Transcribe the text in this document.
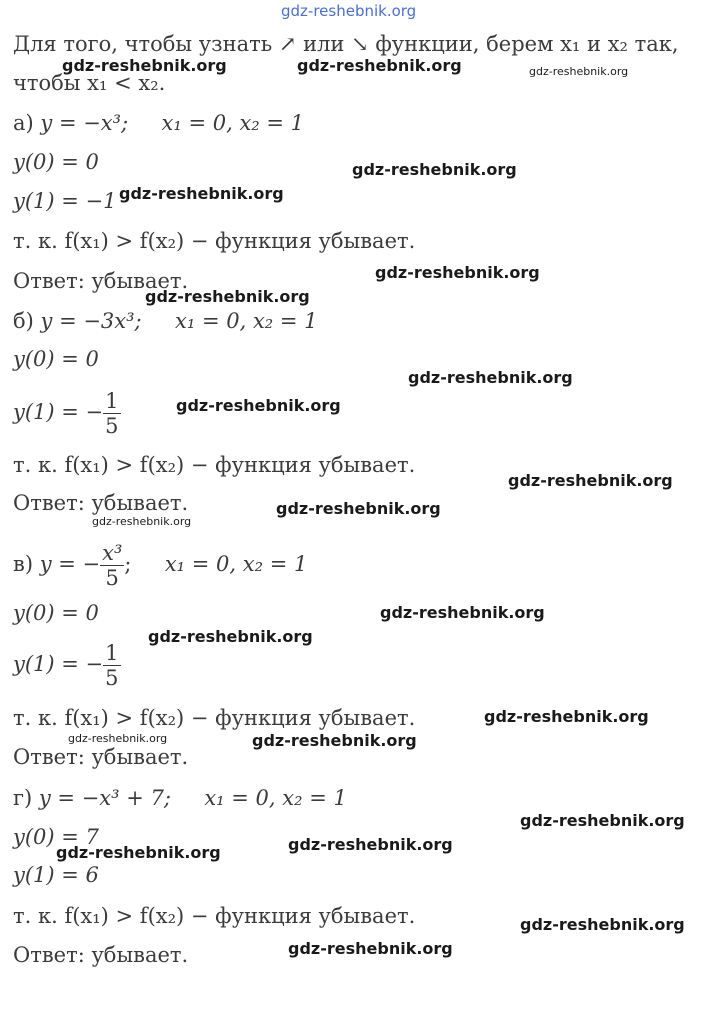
gdz-reshebnik.org
Для того, чтобы узнать ↗ или ↘ функции, берем x₁ и x₂ так,
чтобы x₁ < x₂.
а) y = −x³; x₁ = 0, x₂ = 1
y(0) = 0
y(1) = −1
т. к. f(x₁) > f(x₂) − функция убывает.
Ответ: убывает.
б) y = −3x³; x₁ = 0, x₂ = 1
y(0) = 0
y(1) = − $\frac{1}{5}$
т. к. f(x₁) > f(x₂) − функция убывает.
Ответ: убывает.
в) y = − $\frac{\text{x³}}{5}$ ; x₁ = 0, x₂ = 1
y(0) = 0
y(1) = − $\frac{1}{5}$
т. к. f(x₁) > f(x₂) − функция убывает.
Ответ: убывает.
г) y = −x³ + 7; x₁ = 0, x₂ = 1
y(0) = 7
y(1) = 6
т. к. f(x₁) > f(x₂) − функция убывает.
Ответ: убывает.
gdz-reshebnik.org	gdz-reshebnik.org	gdz-reshebnik.org
gdz-reshebnik.org
gdz-reshebnik.org
gdz-reshebnik.org
gdz-reshebnik.org
gdz-reshebnik.org
gdz-reshebnik.org
gdz-reshebnik.org
gdz-reshebnik.org
gdz-reshebnik.org
gdz-reshebnik.org
gdz-reshebnik.org
gdz-reshebnik.org
gdz-reshebnik.org	gdz-reshebnik.org
gdz-reshebnik.org
gdz-reshebnik.org
gdz-reshebnik.org
gdz-reshebnik.org
gdz-reshebnik.org
